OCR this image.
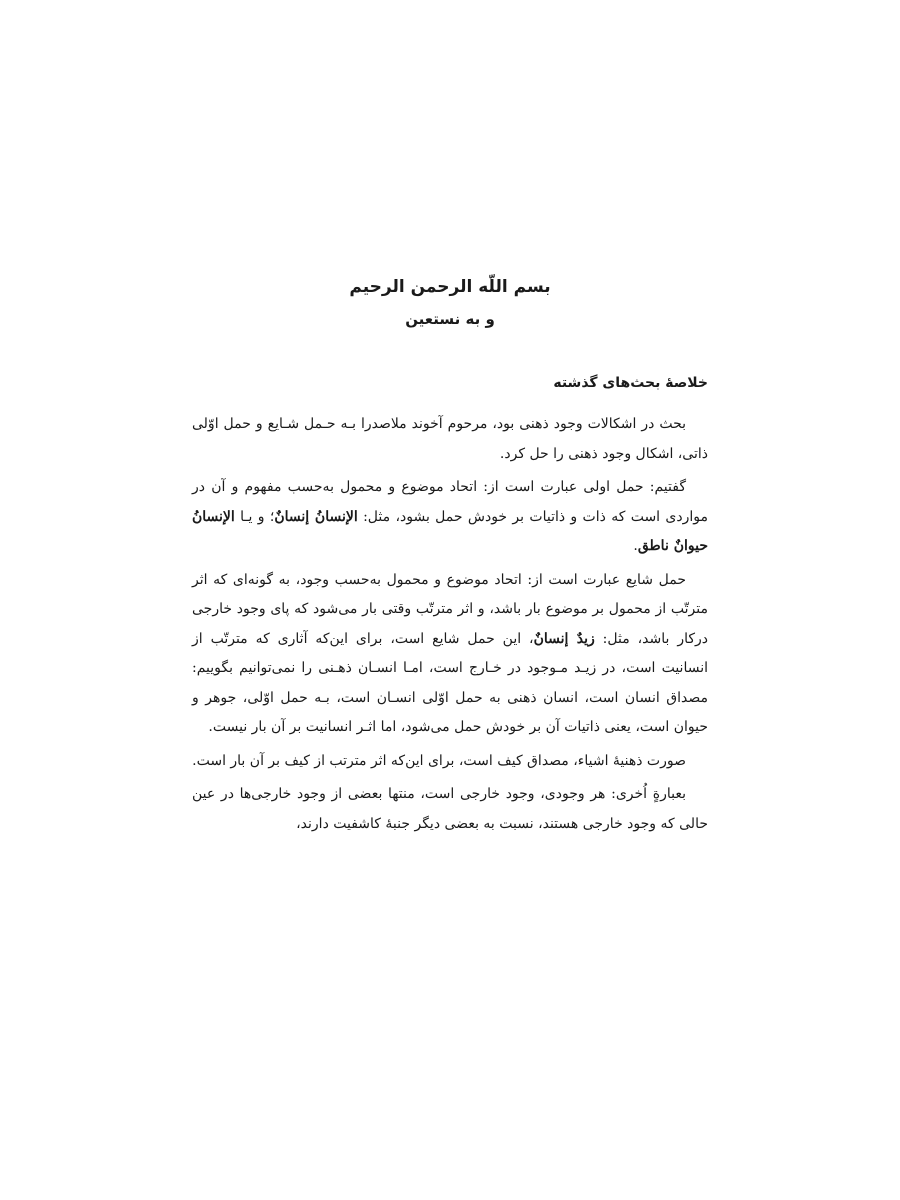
بسم اللّه الرحمن الرحيم

و به نستعين

خلاصۀ بحث‌های گذشته

بحث در اشکالات وجود ذهنی بود، مرحوم آخوند ملاصدرا بـه حـمل شـایع و حمل اوّلی ذاتی، اشکال وجود ذهنی را حل کرد.

گفتیم: حمل اولی عبارت است از: اتحاد موضوع و محمول به‌حسب مفهوم و آن در مواردی است که ذات و ذاتیات بر خودش حمل بشود، مثل: الإنسانُ إنسانٌ؛ و یـا الإنسانُ حیوانٌ ناطق.

حمل شایع عبارت است از: اتحاد موضوع و محمول به‌حسب وجود، به گونه‌ای که اثر مترتّب از محمول بر موضوع بار باشد، و اثر مترتّب وقتی بار می‌شود که پای وجود خارجی درکار باشد، مثل: زیدٌ إنسانٌ، این حمل شایع است، برای این‌که آثاری که مترتّب از انسانیت است، در زیـد مـوجود در خـارج است، امـا انسـان ذهـنی را نمی‌توانیم بگوییم: مصداق انسان است، انسان ذهنی به حمل اوّلی انسـان است، بـه حمل اوّلی، جوهر و حیوان است، یعنی ذاتیات آن بر خودش حمل می‌شود، اما اثـر انسانیت بر آن بار نیست.

صورت ذهنیۀ اشیاء، مصداق کیف است، برای این‌که اثر مترتب از کیف بر آن بار است.

بعبارةٍ اُخری: هر وجودی، وجود خارجی است، منتها بعضی از وجود خارجی‌ها در عین حالی که وجود خارجی هستند، نسبت به بعضی دیگر جنبۀ کاشفیت دارند،
